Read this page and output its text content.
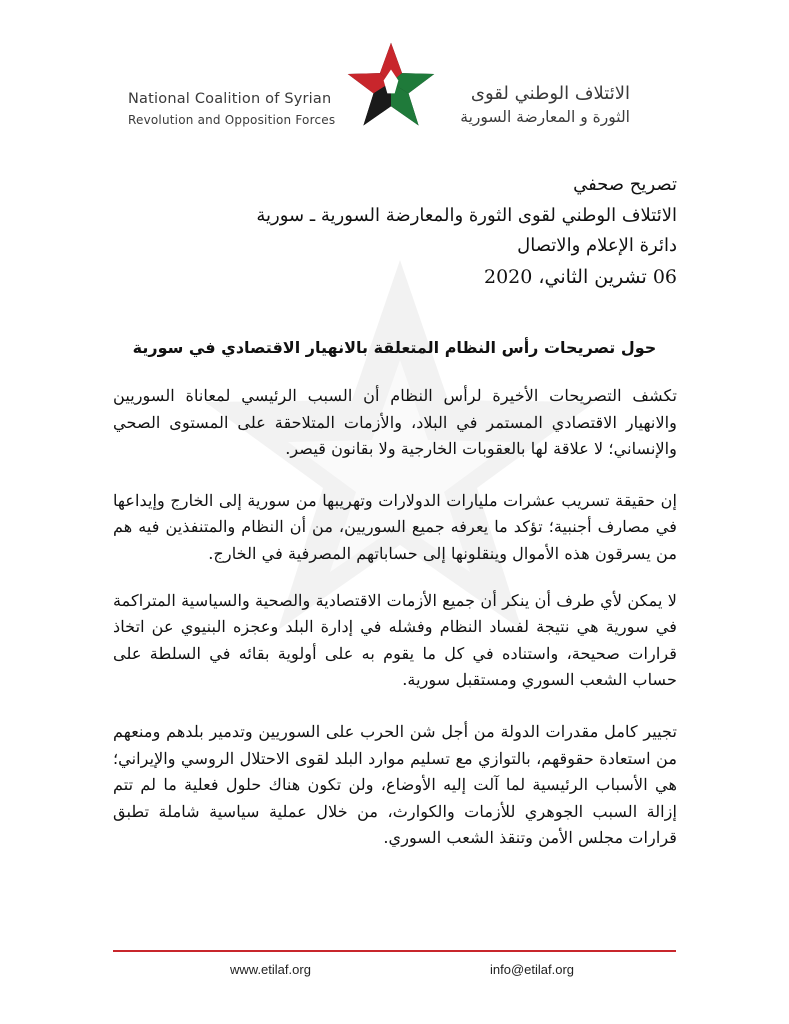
National Coalition of Syrian
Revolution and Opposition Forces
الائتلاف الوطني لقوى
الثورة و المعارضة السورية
تصريح صحفي
الائتلاف الوطني لقوى الثورة والمعارضة السورية ـ سورية
دائرة الإعلام والاتصال
06 تشرين الثاني، 2020
حول تصريحات رأس النظام المتعلقة بالانهيار الاقتصادي في سورية

تكشف التصريحات الأخيرة لرأس النظام أن السبب الرئيسي لمعاناة السوريين والانهيار الاقتصادي المستمر في البلاد، والأزمات المتلاحقة على المستوى الصحي والإنساني؛ لا علاقة لها بالعقوبات الخارجية ولا بقانون قيصر.

إن حقيقة تسريب عشرات مليارات الدولارات وتهريبها من سورية إلى الخارج وإيداعها في مصارف أجنبية؛ تؤكد ما يعرفه جميع السوريين، من أن النظام والمتنفذين فيه هم من يسرقون هذه الأموال وينقلونها إلى حساباتهم المصرفية في الخارج.

لا يمكن لأي طرف أن ينكر أن جميع الأزمات الاقتصادية والصحية والسياسية المتراكمة في سورية هي نتيجة لفساد النظام وفشله في إدارة البلد وعجزه البنيوي عن اتخاذ قرارات صحيحة، واستناده في كل ما يقوم به على أولوية بقائه في السلطة على حساب الشعب السوري ومستقبل سورية.

تجيير كامل مقدرات الدولة من أجل شن الحرب على السوريين وتدمير بلدهم ومنعهم من استعادة حقوقهم، بالتوازي مع تسليم موارد البلد لقوى الاحتلال الروسي والإيراني؛ هي الأسباب الرئيسية لما آلت إليه الأوضاع، ولن تكون هناك حلول فعلية ما لم تتم إزالة السبب الجوهري للأزمات والكوارث، من خلال عملية سياسية شاملة تطبق قرارات مجلس الأمن وتنقذ الشعب السوري.

www.etilaf.org	info@etilaf.org
